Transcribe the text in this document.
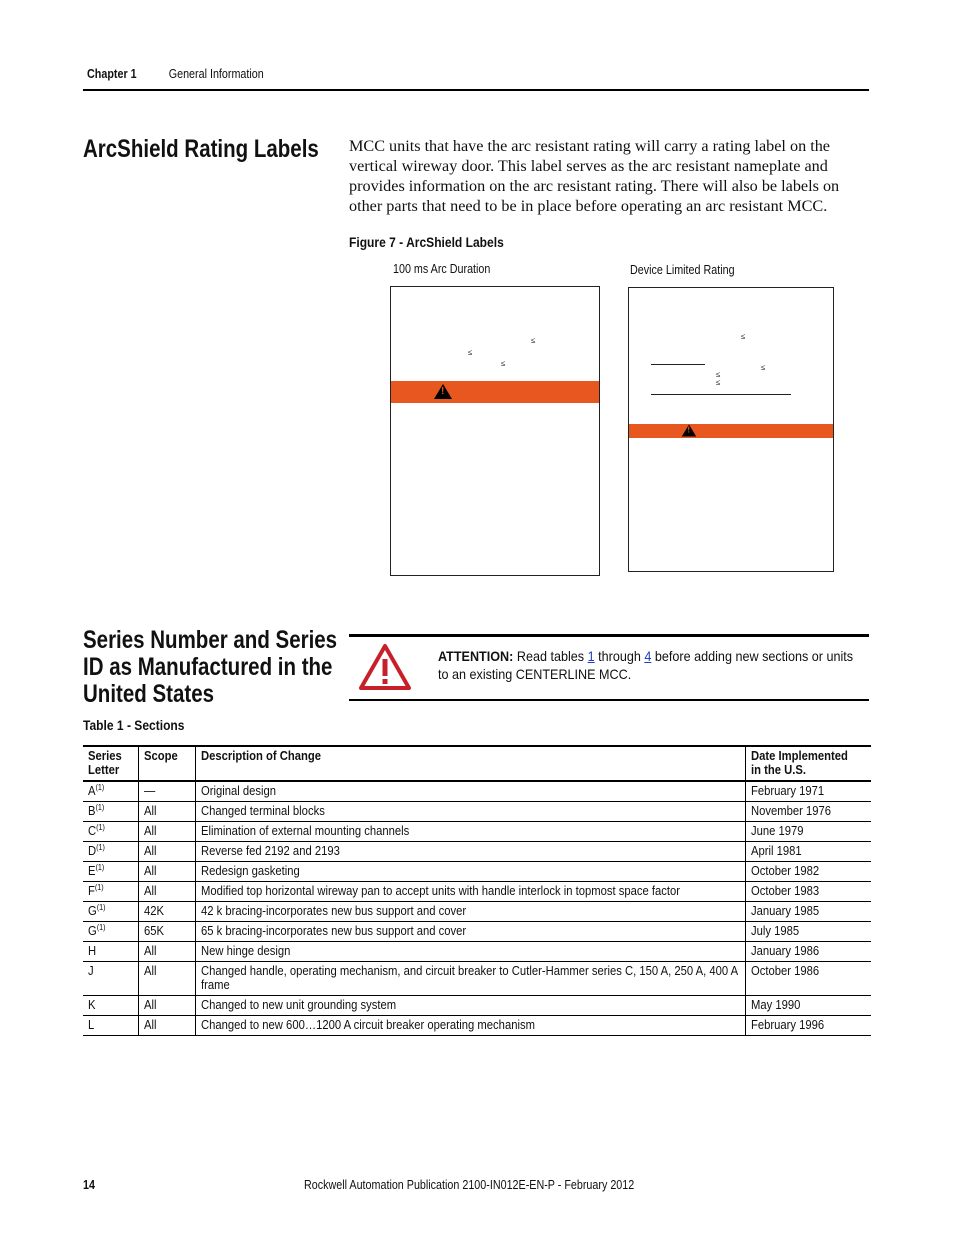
Chapter 1	General Information
ArcShield Rating Labels MCC units that have the arc resistant rating will carry a rating label on the vertical wireway door. This label serves as the arc resistant nameplate and provides information on the arc resistant rating. There will also be labels on other parts that need to be in place before operating an arc resistant MCC.
Figure 7 - ArcShield Labels
100 ms Arc Duration	Device Limited Rating
≤
≤
≤
!
≤
≤
≤
≤
!
Series Number and Series
ID as Manufactured in the
United States
ATTENTION: Read tables 1 through 4 before adding new sections or units to an existing CENTERLINE MCC.
Table 1 - Sections
Series Letter	Scope	Description of Change	Date Implemented in the U.S.
$A^{(1)}$	—	Original design	February 1971
$B^{(1)}$	All	Changed terminal blocks	November 1976
$C^{(1)}$	All	Elimination of external mounting channels	June 1979
$D^{(1)}$	All	Reverse fed 2192 and 2193	April 1981
$E^{(1)}$	All	Redesign gasketing	October 1982
$F^{(1)}$	All	Modified top horizontal wireway pan to accept units with handle interlock in topmost space factor	October 1983
$G^{(1)}$	42K	42 k bracing-incorporates new bus support and cover	January 1985
$G^{(1)}$	65K	65 k bracing-incorporates new bus support and cover	July 1985
H	All	New hinge design	January 1986
J	All	Changed handle, operating mechanism, and circuit breaker to Cutler-Hammer series C, 150 A, 250 A, 400 A frame	October 1986
K	All	Changed to new unit grounding system	May 1990
L	All	Changed to new 600…1200 A circuit breaker operating mechanism	February 1996
14	Rockwell Automation Publication 2100-IN012E-EN-P - February 2012
